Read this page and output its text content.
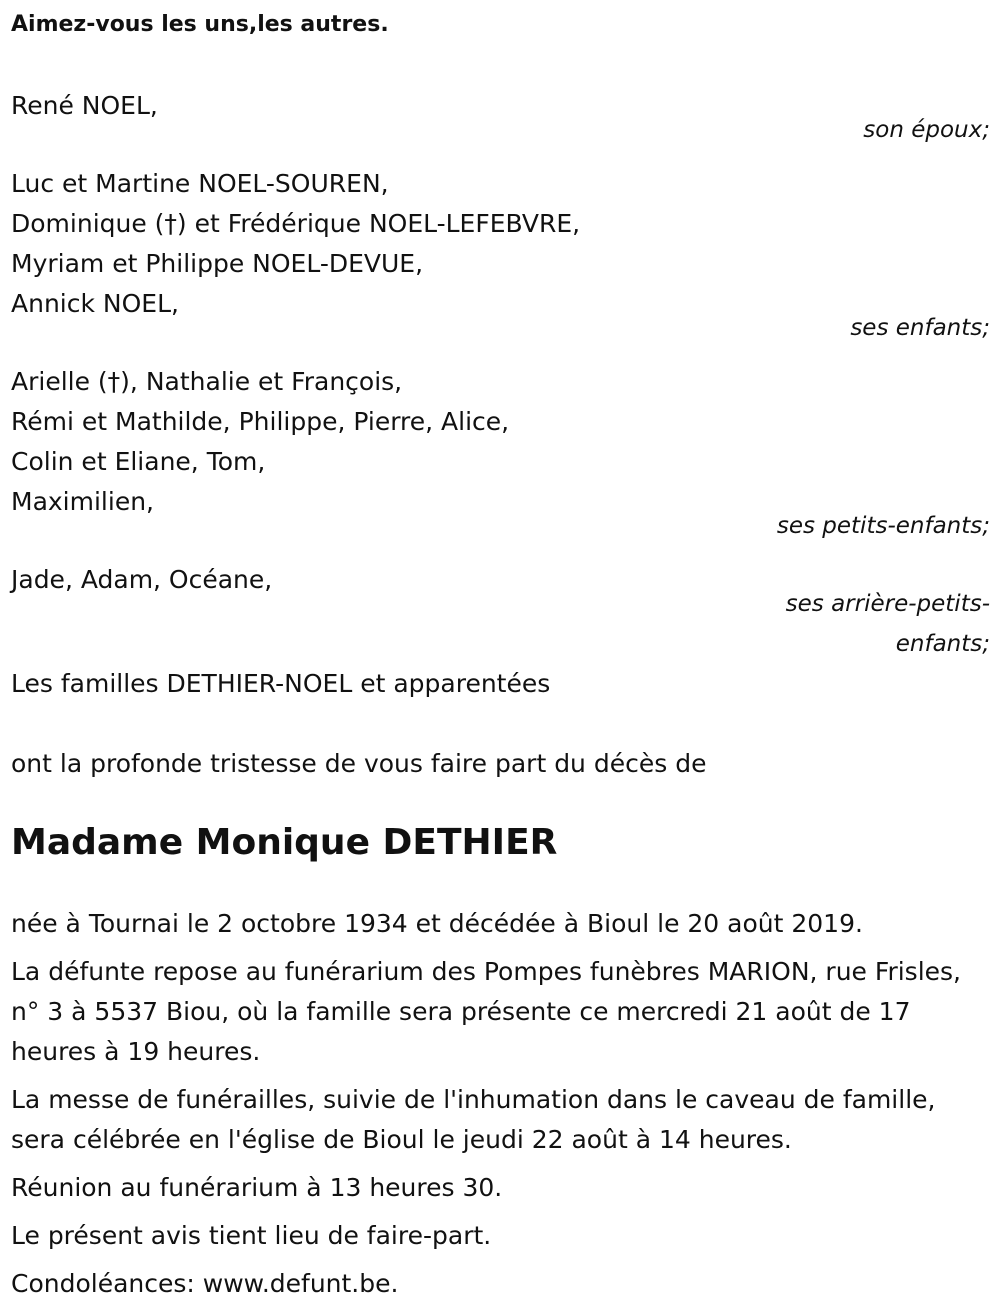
Aimez-vous les uns,les autres.
René NOEL,
son époux;
Luc et Martine NOEL-SOUREN,
Dominique (†) et Frédérique NOEL-LEFEBVRE,
Myriam et Philippe NOEL-DEVUE,
Annick NOEL,
ses enfants;
Arielle (†), Nathalie et François,
Rémi et Mathilde, Philippe, Pierre, Alice,
Colin et Eliane, Tom,
Maximilien,
ses petits-enfants;
Jade, Adam, Océane,
ses arrière-petits-enfants;
Les familles DETHIER-NOEL et apparentées
ont la profonde tristesse de vous faire part du décès de
Madame Monique DETHIER
née à Tournai le 2 octobre 1934 et décédée à Bioul le 20 août 2019.
La défunte repose au funérarium des Pompes funèbres MARION, rue Frisles, n° 3 à 5537 Biou, où la famille sera présente ce mercredi 21 août de 17 heures à 19 heures.
La messe de funérailles, suivie de l'inhumation dans le caveau de famille, sera célébrée en l'église de Bioul le jeudi 22 août à 14 heures.
Réunion au funérarium à 13 heures 30.
Le présent avis tient lieu de faire-part.
Condoléances: www.defunt.be.
